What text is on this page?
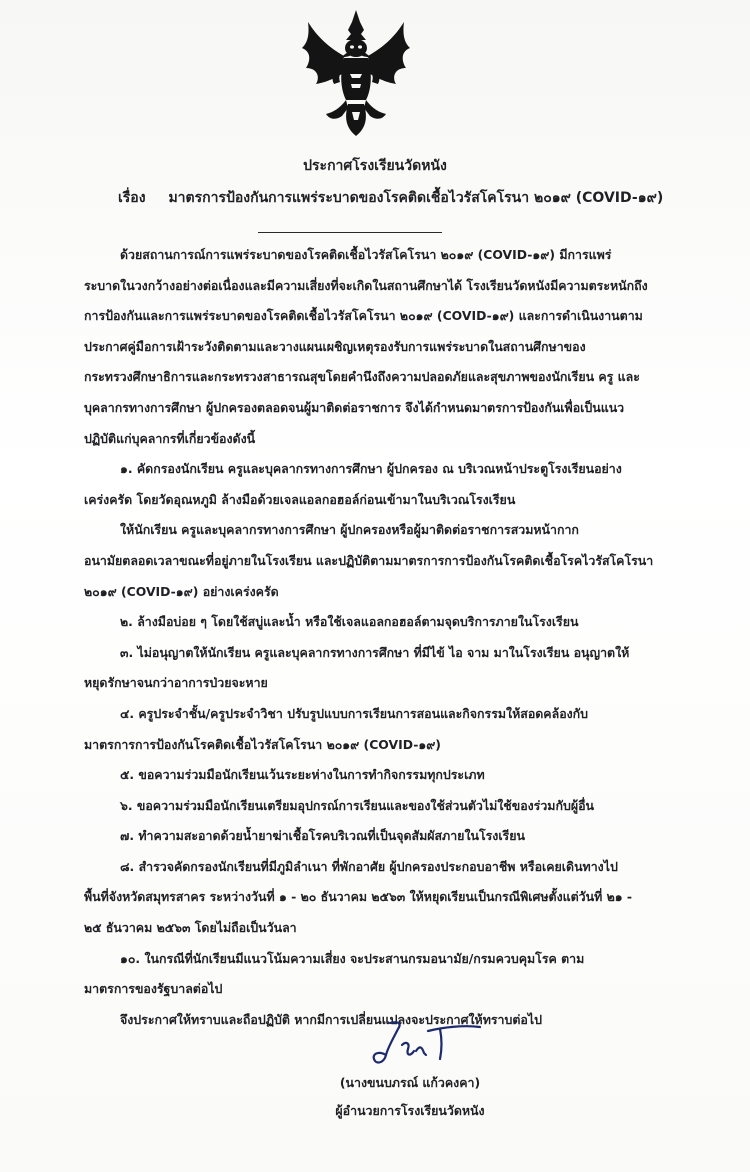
ประกาศโรงเรียนวัดหนัง
เรื่อง มาตรการป้องกันการแพร่ระบาดของโรคติดเชื้อไวรัสโคโรนา ๒๐๑๙ (COVID-๑๙)
ด้วยสถานการณ์การแพร่ระบาดของโรคติดเชื้อไวรัสโคโรนา ๒๐๑๙ (COVID-๑๙) มีการแพร่
ระบาดในวงกว้างอย่างต่อเนื่องและมีความเสี่ยงที่จะเกิดในสถานศึกษาได้ โรงเรียนวัดหนังมีความตระหนักถึง
การป้องกันและการแพร่ระบาดของโรคติดเชื้อไวรัสโคโรนา ๒๐๑๙ (COVID-๑๙) และการดำเนินงานตาม
ประกาศคู่มือการเฝ้าระวังติดตามและวางแผนเผชิญเหตุรองรับการแพร่ระบาดในสถานศึกษาของ
กระทรวงศึกษาธิการและกระทรวงสาธารณสุขโดยคำนึงถึงความปลอดภัยและสุขภาพของนักเรียน ครู และ
บุคลากรทางการศึกษา ผู้ปกครองตลอดจนผู้มาติดต่อราชการ จึงได้กำหนดมาตรการป้องกันเพื่อเป็นแนว
ปฏิบัติแก่บุคลากรที่เกี่ยวข้องดังนี้
๑. คัดกรองนักเรียน ครูและบุคลากรทางการศึกษา ผู้ปกครอง ณ บริเวณหน้าประตูโรงเรียนอย่าง
เคร่งครัด โดยวัดอุณหภูมิ ล้างมือด้วยเจลแอลกอฮอล์ก่อนเข้ามาในบริเวณโรงเรียน
ให้นักเรียน ครูและบุคลากรทางการศึกษา ผู้ปกครองหรือผู้มาติดต่อราชการสวมหน้ากาก
อนามัยตลอดเวลาขณะที่อยู่ภายในโรงเรียน และปฏิบัติตามมาตรการการป้องกันโรคติดเชื้อโรคไวรัสโคโรนา
๒๐๑๙ (COVID-๑๙) อย่างเคร่งครัด
๒. ล้างมือบ่อย ๆ โดยใช้สบู่และน้ำ หรือใช้เจลแอลกอฮอล์ตามจุดบริการภายในโรงเรียน
๓. ไม่อนุญาตให้นักเรียน ครูและบุคลากรทางการศึกษา ที่มีไข้ ไอ จาม มาในโรงเรียน อนุญาตให้
หยุดรักษาจนกว่าอาการป่วยจะหาย
๔. ครูประจำชั้น/ครูประจำวิชา ปรับรูปแบบการเรียนการสอนและกิจกรรมให้สอดคล้องกับ
มาตรการการป้องกันโรคติดเชื้อไวรัสโคโรนา ๒๐๑๙ (COVID-๑๙)
๕. ขอความร่วมมือนักเรียนเว้นระยะห่างในการทำกิจกรรมทุกประเภท
๖. ขอความร่วมมือนักเรียนเตรียมอุปกรณ์การเรียนและของใช้ส่วนตัวไม่ใช้ของร่วมกับผู้อื่น
๗. ทำความสะอาดด้วยน้ำยาฆ่าเชื้อโรคบริเวณที่เป็นจุดสัมผัสภายในโรงเรียน
๘. สำรวจคัดกรองนักเรียนที่มีภูมิลำเนา ที่พักอาศัย ผู้ปกครองประกอบอาชีพ หรือเคยเดินทางไป
พื้นที่จังหวัดสมุทรสาคร ระหว่างวันที่ ๑ - ๒๐ ธันวาคม ๒๕๖๓ ให้หยุดเรียนเป็นกรณีพิเศษตั้งแต่วันที่ ๒๑ -
๒๕ ธันวาคม ๒๕๖๓ โดยไม่ถือเป็นวันลา
๑๐. ในกรณีที่นักเรียนมีแนวโน้มความเสี่ยง จะประสานกรมอนามัย/กรมควบคุมโรค ตาม
มาตรการของรัฐบาลต่อไป
จึงประกาศให้ทราบและถือปฏิบัติ หากมีการเปลี่ยนแปลงจะประกาศให้ทราบต่อไป
(นางขนบภรณ์ แก้วคงคา)
ผู้อำนวยการโรงเรียนวัดหนัง
